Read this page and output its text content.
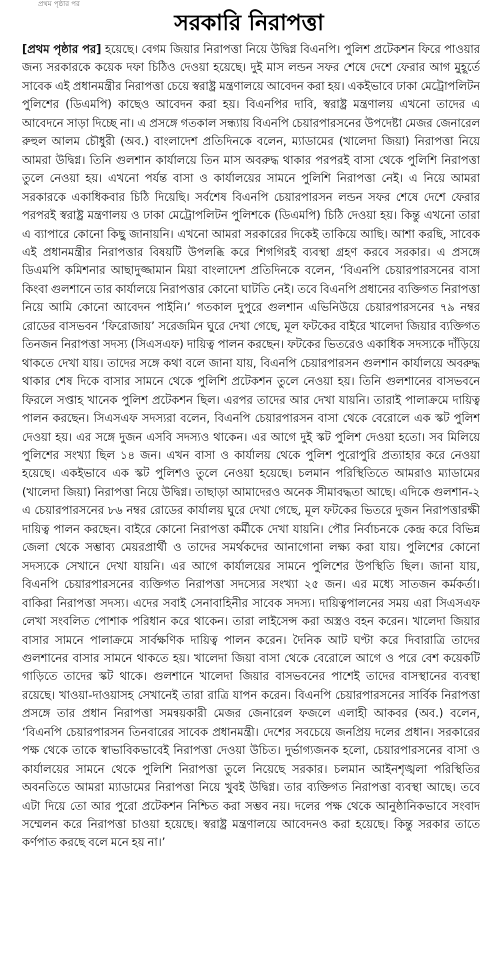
প্রথম পৃষ্ঠার পর
সরকারি নিরাপত্তা
[প্রথম পৃষ্ঠার পর] হয়েছে। বেগম জিয়ার নিরাপত্তা নিয়ে উদ্বিগ্ন বিএনপি। পুলিশ প্রটেকশন ফিরে পাওয়ার জন্য সরকারকে কয়েক দফা চিঠিও দেওয়া হয়েছে। দুই মাস লন্ডন সফর শেষে দেশে ফেরার আগ মুহূর্তে সাবেক এই প্রধানমন্ত্রীর নিরাপত্তা চেয়ে স্বরাষ্ট্র মন্ত্রণালয়ে আবেদন করা হয়। একইভাবে ঢাকা মেট্রোপলিটন পুলিশের (ডিএমপি) কাছেও আবেদন করা হয়। বিএনপির দাবি, স্বরাষ্ট্র মন্ত্রণালয় এখনো তাদের এ আবেদনে সাড়া দিচ্ছে না। এ প্রসঙ্গে গতকাল সন্ধ্যায় বিএনপি চেয়ারপারসনের উপদেষ্টা মেজর জেনারেল রুহুল আলম চৌধুরী (অব.) বাংলাদেশ প্রতিদিনকে বলেন, ম্যাডামের (খালেদা জিয়া) নিরাপত্তা নিয়ে আমরা উদ্বিগ্ন। তিনি গুলশান কার্যালয়ে তিন মাস অবরুদ্ধ থাকার পরপরই বাসা থেকে পুলিশি নিরাপত্তা তুলে নেওয়া হয়। এখনো পর্যন্ত বাসা ও কার্যালয়ের সামনে পুলিশি নিরাপত্তা নেই। এ নিয়ে আমরা সরকারকে একাধিকবার চিঠি দিয়েছি। সর্বশেষ বিএনপি চেয়ারপারসন লন্ডন সফর শেষে দেশে ফেরার পরপরই স্বরাষ্ট্র মন্ত্রণালয় ও ঢাকা মেট্রোপলিটন পুলিশকে (ডিএমপি) চিঠি দেওয়া হয়। কিন্তু এখনো তারা এ ব্যাপারে কোনো কিছু জানায়নি। এখনো আমরা সরকারের দিকেই তাকিয়ে আছি। আশা করছি, সাবেক এই প্রধানমন্ত্রীর নিরাপত্তার বিষয়টি উপলব্ধি করে শিগগিরই ব্যবস্থা গ্রহণ করবে সরকার। এ প্রসঙ্গে ডিএমপি কমিশনার আছাদুজ্জামান মিয়া বাংলাদেশ প্রতিদিনকে বলেন, ‘বিএনপি চেয়ারপারসনের বাসা কিংবা গুলশানে তার কার্যালয়ে নিরাপত্তার কোনো ঘাটতি নেই। তবে বিএনপি প্রধানের ব্যক্তিগত নিরাপত্তা নিয়ে আমি কোনো আবেদন পাইনি।’ গতকাল দুপুরে গুলশান এভিনিউয়ে চেয়ারপারসনের ৭৯ নম্বর রোডের বাসভবন ‘ফিরোজায়’ সরেজমিন ঘুরে দেখা গেছে, মূল ফটকের বাইরে খালেদা জিয়ার ব্যক্তিগত তিনজন নিরাপত্তা সদস্য (সিএসএফ) দায়িত্ব পালন করছেন। ফটকের ভিতরেও একাধিক সদস্যকে দাঁড়িয়ে থাকতে দেখা যায়। তাদের সঙ্গে কথা বলে জানা যায়, বিএনপি চেয়ারপারসন গুলশান কার্যালয়ে অবরুদ্ধ থাকার শেষ দিকে বাসার সামনে থেকে পুলিশি প্রটেকশন তুলে নেওয়া হয়। তিনি গুলশানের বাসভবনে ফিরলে সপ্তাহ খানেক পুলিশ প্রটেকশন ছিল। এরপর তাদের আর দেখা যায়নি। তারাই পালাক্রমে দায়িত্ব পালন করছেন। সিএসএফ সদস্যরা বলেন, বিএনপি চেয়ারপারসন বাসা থেকে বেরোলে এক স্কট পুলিশ দেওয়া হয়। এর সঙ্গে দুজন এসবি সদস্যও থাকেন। এর আগে দুই স্কট পুলিশ দেওয়া হতো। সব মিলিয়ে পুলিশের সংখ্যা ছিল ১৪ জন। এখন বাসা ও কার্যালয় থেকে পুলিশ পুরোপুরি প্রত্যাহার করে নেওয়া হয়েছে। একইভাবে এক স্কট পুলিশও তুলে নেওয়া হয়েছে। চলমান পরিস্থিতিতে আমরাও ম্যাডামের (খালেদা জিয়া) নিরাপত্তা নিয়ে উদ্বিগ্ন। তাছাড়া আমাদেরও অনেক সীমাবদ্ধতা আছে। এদিকে গুলশান-২ এ চেয়ারপারসনের ৮৬ নম্বর রোডের কার্যালয় ঘুরে দেখা গেছে, মূল ফটকের ভিতরে দুজন নিরাপত্তারক্ষী দায়িত্ব পালন করছেন। বাইরে কোনো নিরাপত্তা কর্মীকে দেখা যায়নি। পৌর নির্বাচনকে কেন্দ্র করে বিভিন্ন জেলা থেকে সম্ভাব্য মেয়রপ্রার্থী ও তাদের সমর্থকদের আনাগোনা লক্ষ্য করা যায়। পুলিশের কোনো সদস্যকে সেখানে দেখা যায়নি। এর আগে কার্যালয়ের সামনে পুলিশের উপস্থিতি ছিল। জানা যায়, বিএনপি চেয়ারপারসনের ব্যক্তিগত নিরাপত্তা সদস্যের সংখ্যা ২৫ জন। এর মধ্যে সাতজন কর্মকর্তা। বাকিরা নিরাপত্তা সদস্য। এদের সবাই সেনাবাহিনীর সাবেক সদস্য। দায়িত্বপালনের সময় এরা সিএসএফ লেখা সংবলিত পোশাক পরিধান করে থাকেন। তারা লাইসেন্স করা অস্ত্রও বহন করেন। খালেদা জিয়ার বাসার সামনে পালাক্রমে সার্বক্ষণিক দায়িত্ব পালন করেন। দৈনিক আট ঘণ্টা করে দিবারাত্রি তাদের গুলশানের বাসার সামনে থাকতে হয়। খালেদা জিয়া বাসা থেকে বেরোলে আগে ও পরে বেশ কয়েকটি গাড়িতে তাদের স্কট থাকে। গুলশানে খালেদা জিয়ার বাসভবনের পাশেই তাদের বাসস্থানের ব্যবস্থা রয়েছে। খাওয়া-দাওয়াসহ সেখানেই তারা রাত্রি যাপন করেন। বিএনপি চেয়ারপারসনের সার্বিক নিরাপত্তা প্রসঙ্গে তার প্রধান নিরাপত্তা সমন্বয়কারী মেজর জেনারেল ফজলে এলাহী আকবর (অব.) বলেন, ‘বিএনপি চেয়ারপারসন তিনবারের সাবেক প্রধানমন্ত্রী। দেশের সবচেয়ে জনপ্রিয় দলের প্রধান। সরকারের পক্ষ থেকে তাকে স্বাভাবিকভাবেই নিরাপত্তা দেওয়া উচিত। দুর্ভাগ্যজনক হলো, চেয়ারপারসনের বাসা ও কার্যালয়ের সামনে থেকে পুলিশি নিরাপত্তা তুলে নিয়েছে সরকার। চলমান আইনশৃঙ্খলা পরিস্থিতির অবনতিতে আমরা ম্যাডামের নিরাপত্তা নিয়ে খুবই উদ্বিগ্ন। তার ব্যক্তিগত নিরাপত্তা ব্যবস্থা আছে। তবে এটা দিয়ে তো আর পুরো প্রটেকশন নিশ্চিত করা সম্ভব নয়। দলের পক্ষ থেকে আনুষ্ঠানিকভাবে সংবাদ সম্মেলন করে নিরাপত্তা চাওয়া হয়েছে। স্বরাষ্ট্র মন্ত্রণালয়ে আবেদনও করা হয়েছে। কিন্তু সরকার তাতে কর্ণপাত করছে বলে মনে হয় না।’
